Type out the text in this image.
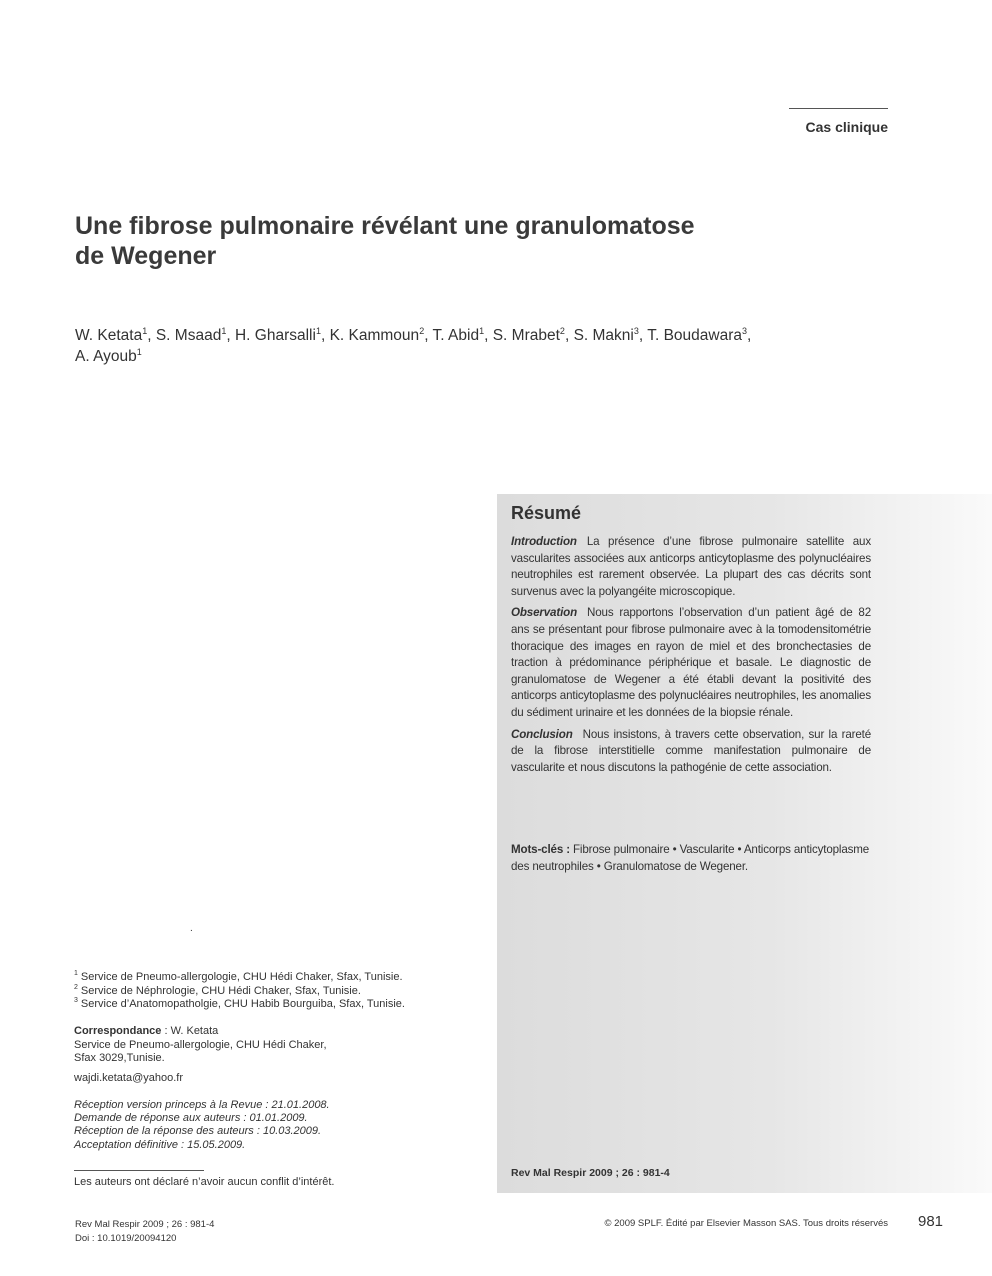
Cas clinique
Une fibrose pulmonaire révélant une granulomatose
de Wegener
W. Ketata$^1$, S. Msaad$^1$, H. Gharsalli$^1$, K. Kammoun$^2$, T. Abid$^1$, S. Mrabet$^2$, S. Makni$^3$, T. Boudawara$^3$,
A. Ayoub$^1$
Résumé

Introduction La présence d’une fibrose pulmonaire satellite aux vascularites associées aux anticorps anticytoplasme des polynucléaires neutrophiles est rarement observée. La plupart des cas décrits sont survenus avec la polyangéite microscopique.

Observation Nous rapportons l’observation d’un patient âgé de 82 ans se présentant pour fibrose pulmonaire avec à la tomodensitométrie thoracique des images en rayon de miel et des bronchectasies de traction à prédominance périphérique et basale. Le diagnostic de granulomatose de Wegener a été établi devant la positivité des anticorps anticytoplasme des polynucléaires neutrophiles, les anomalies du sédiment urinaire et les données de la biopsie rénale.

Conclusion Nous insistons, à travers cette observation, sur la rareté de la fibrose interstitielle comme manifestation pulmonaire de vascularite et nous discutons la pathogénie de cette association.

Mots-clés : Fibrose pulmonaire • Vascularite • Anticorps anticytoplasme des neutrophiles • Granulomatose de Wegener.
Rev Mal Respir 2009 ; 26 : 981-4
.
$^1$ Service de Pneumo-allergologie, CHU Hédi Chaker, Sfax, Tunisie.
$^2$ Service de Néphrologie, CHU Hédi Chaker, Sfax, Tunisie.
$^3$ Service d’Anatomopatholgie, CHU Habib Bourguiba, Sfax, Tunisie.
Correspondance : W. Ketata
Service de Pneumo-allergologie, CHU Hédi Chaker,
Sfax 3029,Tunisie.
wajdi.ketata@yahoo.fr
Réception version princeps à la Revue : 21.01.2008.
Demande de réponse aux auteurs : 01.01.2009.
Réception de la réponse des auteurs : 10.03.2009.
Acceptation définitive : 15.05.2009.
Les auteurs ont déclaré n’avoir aucun conflit d’intérêt.
Rev Mal Respir 2009 ; 26 : 981-4
Doi : 10.1019/20094120
© 2009 SPLF. Édité par Elsevier Masson SAS. Tous droits réservés 981
